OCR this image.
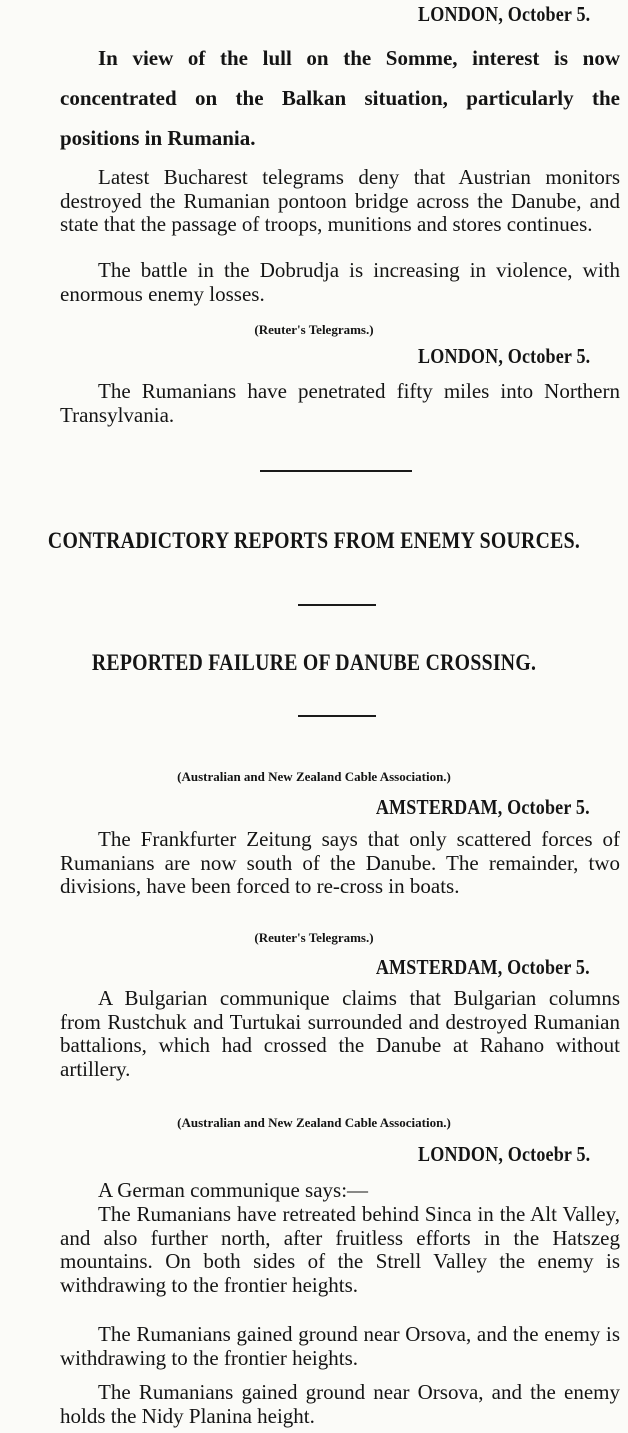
LONDON, October 5.
In view of the lull on the Somme, interest is now concentrated on the Balkan situation, particularly the positions in Rumania.
Latest Bucharest telegrams deny that Austrian monitors destroyed the Rumanian pontoon bridge across the Danube, and state that the passage of troops, munitions and stores continues.
The battle in the Dobrudja is increasing in violence, with enormous enemy losses.
(Reuter's Telegrams.)
LONDON, October 5.
The Rumanians have penetrated fifty miles into Northern Transylvania.
CONTRADICTORY REPORTS FROM ENEMY SOURCES.
REPORTED FAILURE OF DANUBE CROSSING.
(Australian and New Zealand Cable Association.)
AMSTERDAM, October 5.
The Frankfurter Zeitung says that only scattered forces of Rumanians are now south of the Danube. The remainder, two divisions, have been forced to re-cross in boats.
(Reuter's Telegrams.)
AMSTERDAM, October 5.
A Bulgarian communique claims that Bulgarian columns from Rustchuk and Turtukai surrounded and destroyed Rumanian battalions, which had crossed the Danube at Rahano without artillery.
(Australian and New Zealand Cable Association.)
LONDON, Octoebr 5.
A German communique says:—
The Rumanians have retreated behind Sinca in the Alt Valley, and also further north, after fruitless efforts in the Hatszeg mountains. On both sides of the Strell Valley the enemy is withdrawing to the frontier heights.
The Rumanians gained ground near Orsova, and the enemy is withdrawing to the frontier heights.
The Rumanians gained ground near Orsova, and the enemy holds the Nidy Planina height.
